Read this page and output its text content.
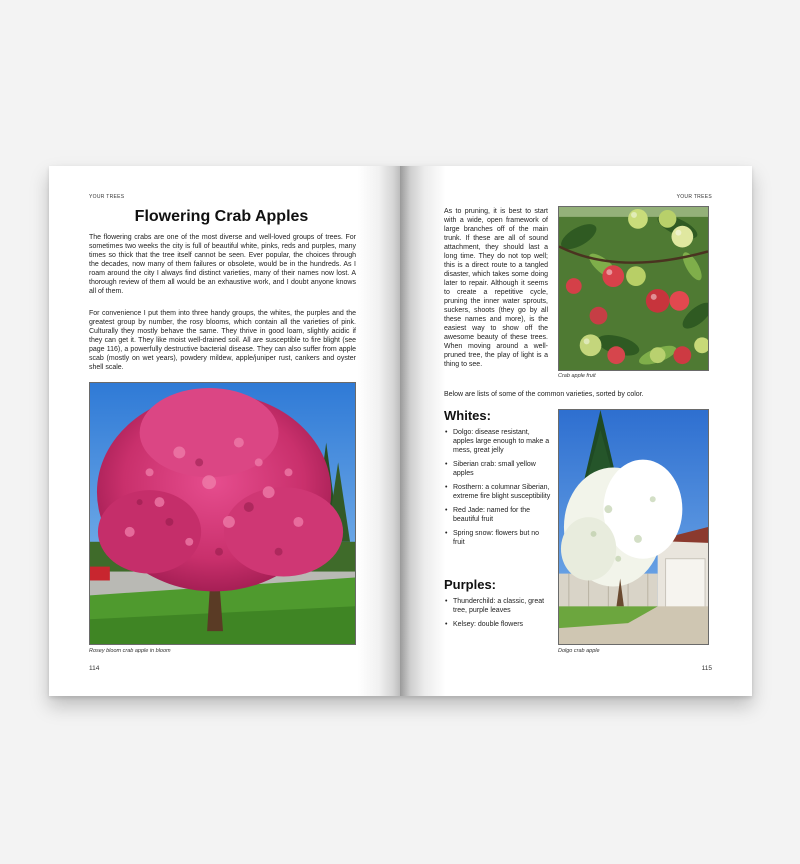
YOUR TREES
Flowering Crab Apples

The flowering crabs are one of the most diverse and well-loved groups of trees. For sometimes two weeks the city is full of beautiful white, pinks, reds and purples, many times so thick that the tree itself cannot be seen. Ever popular, the choices through the decades, now many of them failures or obsolete, would be in the hundreds. As I roam around the city I always find distinct varieties, many of their names now lost. A thorough review of them all would be an exhaustive work, and I doubt anyone knows all of them.

For convenience I put them into three handy groups, the whites, the purples and the greatest group by number, the rosy blooms, which contain all the varieties of pink. Culturally they mostly behave the same. They thrive in good loam, slightly acidic if they can get it. They like moist well-drained soil. All are susceptible to fire blight (see page 116), a powerfully destructive bacterial disease. They can also suffer from apple scab (mostly on wet years), powdery mildew, apple/juniper rust, cankers and oyster shell scale.

Rosey bloom crab apple in bloom
114
YOUR TREES

As to pruning, it is best to start with a wide, open framework of large branches off of the main trunk. If these are all of sound attachment, they should last a long time. They do not top well; this is a direct route to a tangled disaster, which takes some doing later to repair. Although it seems to create a repetitive cycle, pruning the inner water sprouts, suckers, shoots (they go by all these names and more), is the easiest way to show off the awesome beauty of these trees. When moving around a well-pruned tree, the play of light is a thing to see.

Crab apple fruit

Below are lists of some of the common varieties, sorted by color.

Whites:
• Dolgo: disease resistant, apples large enough to make a mess, great jelly
• Siberian crab: small yellow apples
• Rosthern: a columnar Siberian, extreme fire blight susceptibility
• Red Jade: named for the beautiful fruit
• Spring snow: flowers but no fruit
Purples:
• Thunderchild: a classic, great tree, purple leaves
• Kelsey: double flowers
Dolgo crab apple
115
